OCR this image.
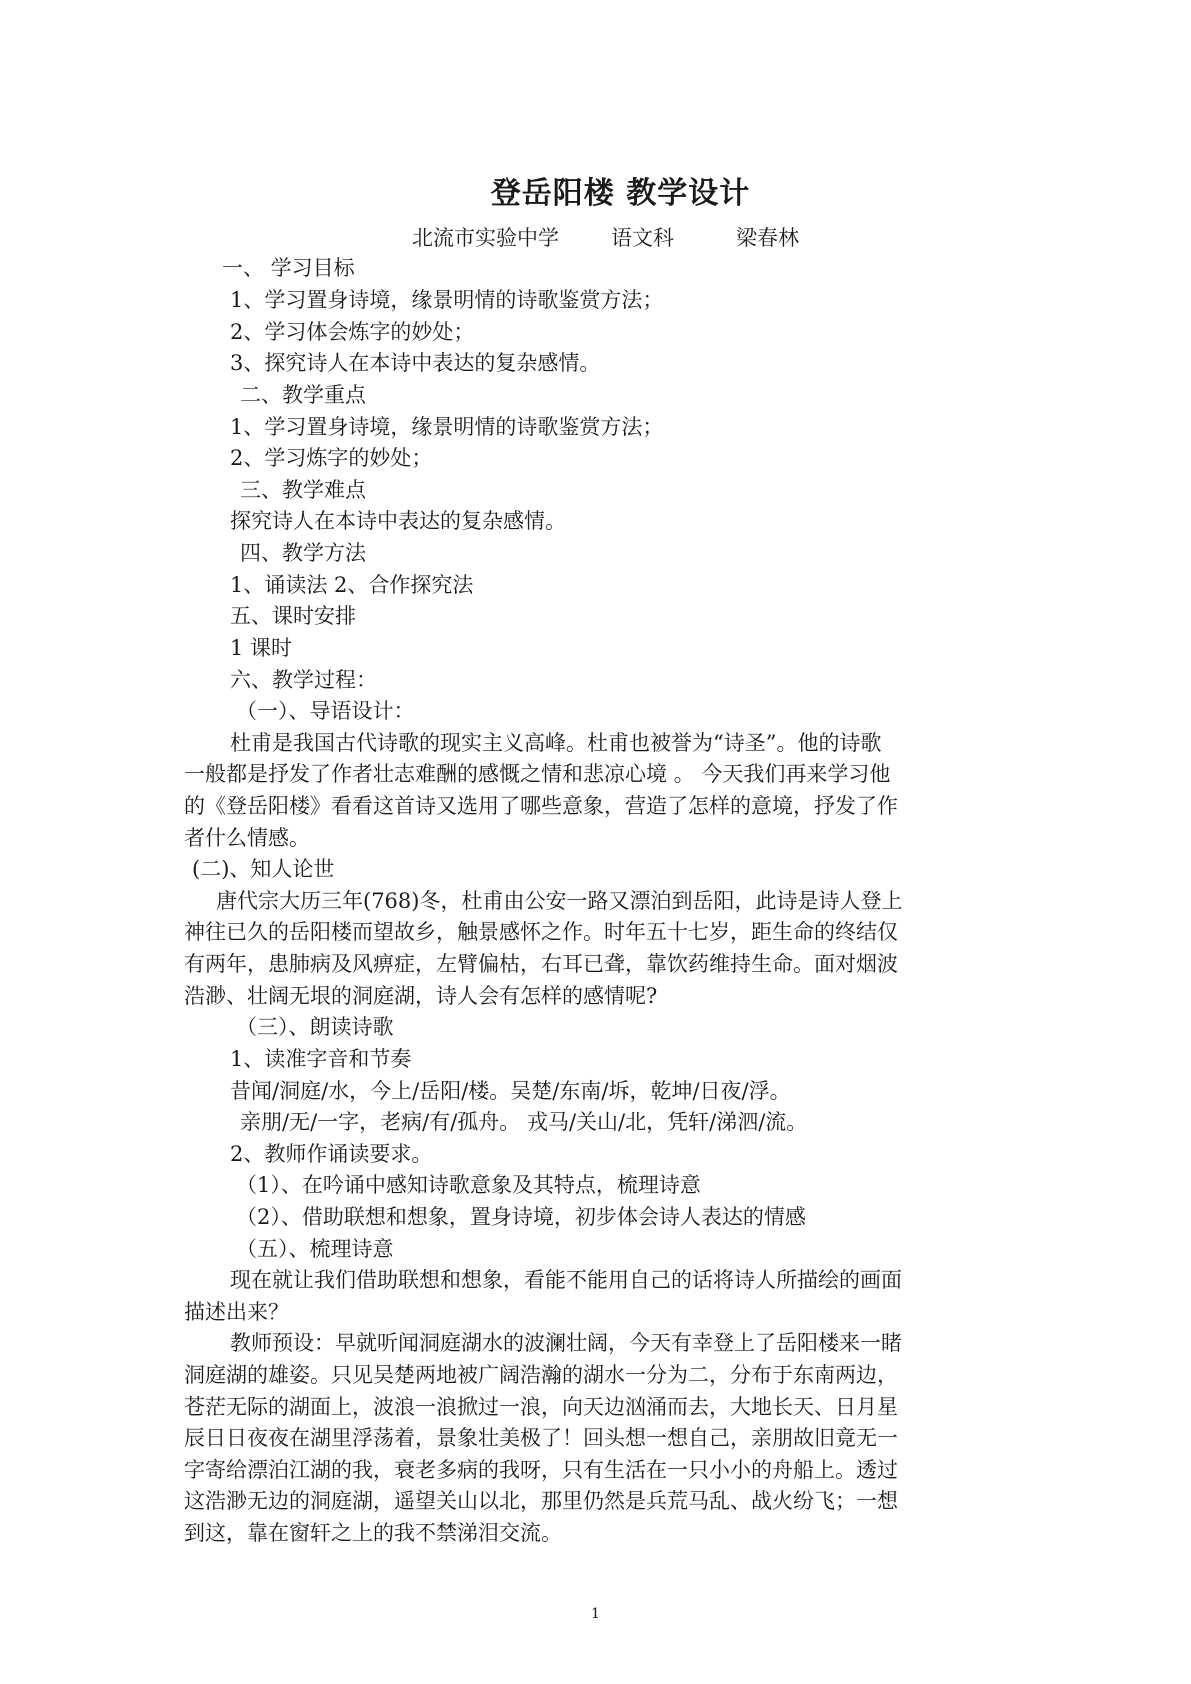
登岳阳楼 教学设计
北流市实验中学 语文科	梁春林
一、 学习目标
1、学习置身诗境，缘景明情的诗歌鉴赏方法；
2、学习体会炼字的妙处；
3、探究诗人在本诗中表达的复杂感情。
二、教学重点
1、学习置身诗境，缘景明情的诗歌鉴赏方法；
2、学习炼字的妙处；
三、教学难点
探究诗人在本诗中表达的复杂感情。
四、教学方法
1、诵读法 2、合作探究法
五、课时安排
1 课时
六、教学过程：
（一）、导语设计：
杜甫是我国古代诗歌的现实主义高峰。杜甫也被誉为“诗圣”。他的诗歌
一般都是抒发了作者壮志难酬的感慨之情和悲凉心境 。 今天我们再来学习他
的《登岳阳楼》看看这首诗又选用了哪些意象，营造了怎样的意境，抒发了作
者什么情感。
(二)、知人论世
唐代宗大历三年(768)冬，杜甫由公安一路又漂泊到岳阳，此诗是诗人登上
神往已久的岳阳楼而望故乡，触景感怀之作。时年五十七岁，距生命的终结仅
有两年，患肺病及风痹症，左臂偏枯，右耳已聋，靠饮药维持生命。面对烟波
浩渺、壮阔无垠的洞庭湖，诗人会有怎样的感情呢?
（三）、朗读诗歌
1、读准字音和节奏
昔闻/洞庭/水，今上/岳阳/楼。吴楚/东南/坼，乾坤/日夜/浮。
亲朋/无/一字，老病/有/孤舟。 戎马/关山/北，凭轩/涕泗/流。
2、教师作诵读要求。
（1）、在吟诵中感知诗歌意象及其特点，梳理诗意
（2）、借助联想和想象，置身诗境，初步体会诗人表达的情感
（五）、梳理诗意
现在就让我们借助联想和想象，看能不能用自己的话将诗人所描绘的画面
描述出来？
教师预设：早就听闻洞庭湖水的波澜壮阔，今天有幸登上了岳阳楼来一睹
洞庭湖的雄姿。只见吴楚两地被广阔浩瀚的湖水一分为二，分布于东南两边，
苍茫无际的湖面上，波浪一浪掀过一浪，向天边汹涌而去，大地长天、日月星
辰日日夜夜在湖里浮荡着，景象壮美极了！回头想一想自己，亲朋故旧竟无一
字寄给漂泊江湖的我，衰老多病的我呀，只有生活在一只小小的舟船上。透过
这浩渺无边的洞庭湖，遥望关山以北，那里仍然是兵荒马乱、战火纷飞；一想
到这，靠在窗轩之上的我不禁涕泪交流。
1
